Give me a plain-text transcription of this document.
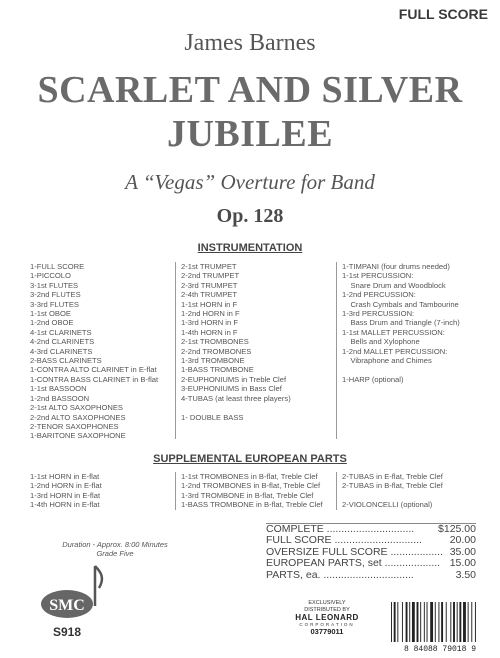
FULL SCORE
James Barnes
SCARLET AND SILVER
JUBILEE
A “Vegas” Overture for Band
Op. 128
INSTRUMENTATION
1-FULL SCORE
1-PICCOLO
3-1st FLUTES
3-2nd FLUTES
3-3rd FLUTES
1-1st OBOE
1-2nd OBOE
4-1st CLARINETS
4-2nd CLARINETS
4-3rd CLARINETS
2-BASS CLARINETS
1-CONTRA ALTO CLARINET in E-flat
1-CONTRA BASS CLARINET in B-flat
1-1st BASSOON
1-2nd BASSOON
2-1st ALTO SAXOPHONES
2-2nd ALTO SAXOPHONES
2-TENOR SAXOPHONES
1-BARITONE SAXOPHONE
2-1st TRUMPET
2-2nd TRUMPET
2-3rd TRUMPET
2-4th TRUMPET
1-1st HORN in F
1-2nd HORN in F
1-3rd HORN in F
1-4th HORN in F
2-1st TROMBONES
2-2nd TROMBONES
1-3rd TROMBONE
1-BASS TROMBONE
2-EUPHONIUMS in Treble Clef
3-EUPHONIUMS in Bass Clef
4-TUBAS (at least three players)

1- DOUBLE BASS
1-TIMPANI (four drums needed)
1-1st PERCUSSION:
Snare Drum and Woodblock
1-2nd PERCUSSION:
Crash Cymbals and Tambourine
1-3rd PERCUSSION:
Bass Drum and Triangle (7-inch)
1-1st MALLET PERCUSSION:
Bells and Xylophone
1-2nd MALLET PERCUSSION:
Vibraphone and Chimes

1-HARP (optional)
SUPPLEMENTAL EUROPEAN PARTS
1-1st HORN in E-flat
1-2nd HORN in E-flat
1-3rd HORN in E-flat
1-4th HORN in E-flat
1-1st TROMBONES in B-flat, Treble Clef
1-2nd TROMBONES in B-flat, Treble Clef
1-3rd TROMBONE in B-flat, Treble Clef
1-BASS TROMBONE in B-flat, Treble Clef
2-TUBAS in E-flat, Treble Clef
2-TUBAS in B-flat, Treble Clef

2-VIOLONCELLI (optional)
Duration - Approx. 8:00 Minutes
Grade Five
SMC
S918
COMPLETE .............................. $125.00
FULL SCORE ..............................	20.00
OVERSIZE FULL SCORE .................. 35.00
EUROPEAN PARTS, set ................... 15.00
PARTS, ea. ...............................	3.50
EXCLUSIVELY
DISTRIBUTED BY
HAL LEONARD
CORPORATION
03779011
8 84088 79018 9
